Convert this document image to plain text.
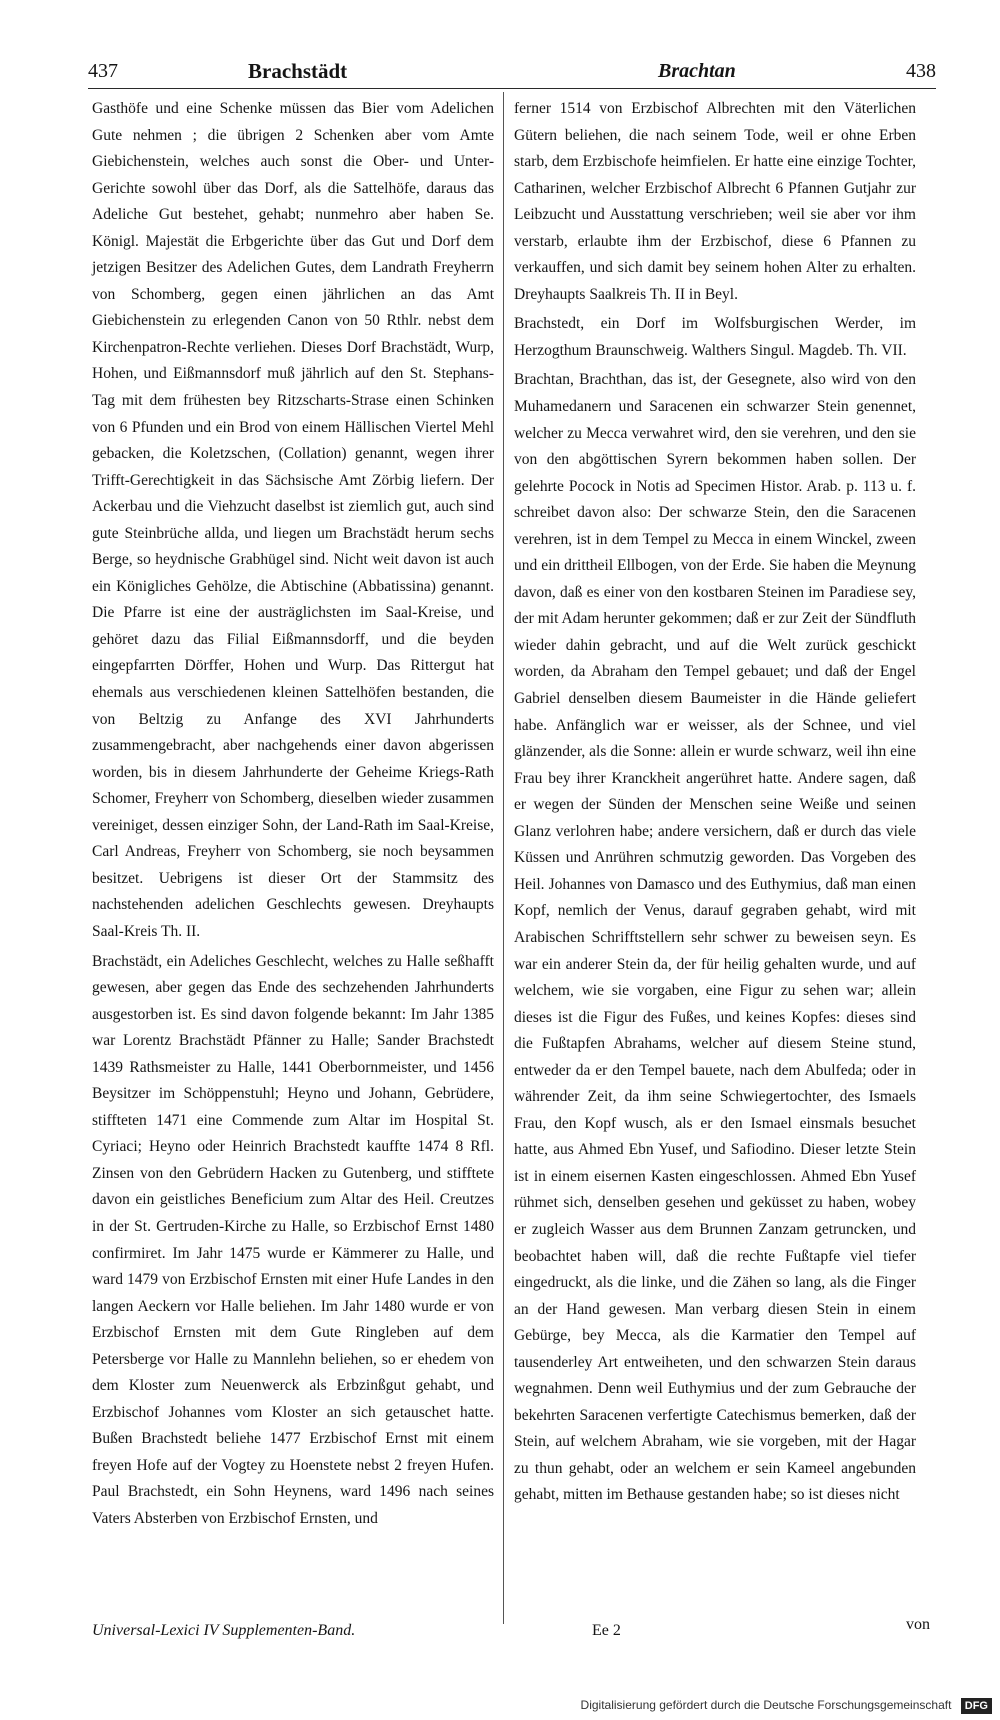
437	Brachstädt	Brachtan	438

Gasthöfe und eine Schenke müssen das Bier vom Adelichen Gute nehmen ; die übrigen 2 Schenken aber vom Amte Giebichenstein, welches auch sonst die Ober- und Unter-Gerichte sowohl über das Dorf, als die Sattelhöfe, daraus das Adeliche Gut bestehet, gehabt; nunmehro aber haben Se. Königl. Majestät die Erbgerichte über das Gut und Dorf dem jetzigen Besitzer des Adelichen Gutes, dem Landrath Freyherrn von Schomberg, gegen einen jährlichen an das Amt Giebichenstein zu erlegenden Canon von 50 Rthlr. nebst dem Kirchenpatron-Rechte verliehen. Dieses Dorf Brachstädt, Wurp, Hohen, und Eißmannsdorf muß jährlich auf den St. Stephans-Tag mit dem frühesten bey Ritzscharts-Strase einen Schinken von 6 Pfunden und ein Brod von einem Hällischen Viertel Mehl gebacken, die Koletzschen, (Collation) genannt, wegen ihrer Trifft-Gerechtigkeit in das Sächsische Amt Zörbig liefern. Der Ackerbau und die Viehzucht daselbst ist ziemlich gut, auch sind gute Steinbrüche allda, und liegen um Brachstädt herum sechs Berge, so heydnische Grabhügel sind. Nicht weit davon ist auch ein Königliches Gehölze, die Abtischine (Abbatissina) genannt. Die Pfarre ist eine der austräglichsten im Saal-Kreise, und gehöret dazu das Filial Eißmannsdorff, und die beyden eingepfarrten Dörffer, Hohen und Wurp. Das Rittergut hat ehemals aus verschiedenen kleinen Sattelhöfen bestanden, die von Beltzig zu Anfange des XVI Jahrhunderts zusammengebracht, aber nachgehends einer davon abgerissen worden, bis in diesem Jahrhunderte der Geheime Kriegs-Rath Schomer, Freyherr von Schomberg, dieselben wieder zusammen vereiniget, dessen einziger Sohn, der Land-Rath im Saal-Kreise, Carl Andreas, Freyherr von Schomberg, sie noch beysammen besitzet. Uebrigens ist dieser Ort der Stammsitz des nachstehenden adelichen Geschlechts gewesen. Dreyhaupts Saal-Kreis Th. II.

Brachstädt, ein Adeliches Geschlecht, welches zu Halle seßhafft gewesen, aber gegen das Ende des sechzehenden Jahrhunderts ausgestorben ist. Es sind davon folgende bekannt: Im Jahr 1385 war Lorentz Brachstädt Pfänner zu Halle; Sander Brachstedt 1439 Rathsmeister zu Halle, 1441 Oberbornmeister, und 1456 Beysitzer im Schöppenstuhl; Heyno und Johann, Gebrüdere, stiffteten 1471 eine Commende zum Altar im Hospital St. Cyriaci; Heyno oder Heinrich Brachstedt kauffte 1474 8 Rfl. Zinsen von den Gebrüdern Hacken zu Gutenberg, und stifftete davon ein geistliches Beneficium zum Altar des Heil. Creutzes in der St. Gertruden-Kirche zu Halle, so Erzbischof Ernst 1480 confirmiret. Im Jahr 1475 wurde er Kämmerer zu Halle, und ward 1479 von Erzbischof Ernsten mit einer Hufe Landes in den langen Aeckern vor Halle beliehen. Im Jahr 1480 wurde er von Erzbischof Ernsten mit dem Gute Ringleben auf dem Petersberge vor Halle zu Mannlehn beliehen, so er ehedem von dem Kloster zum Neuenwerck als Erbzinßgut gehabt, und Erzbischof Johannes vom Kloster an sich getauschet hatte. Bußen Brachstedt beliehe 1477 Erzbischof Ernst mit einem freyen Hofe auf der Vogtey zu Hoenstete nebst 2 freyen Hufen. Paul Brachstedt, ein Sohn Heynens, ward 1496 nach seines Vaters Absterben von Erzbischof Ernsten, und

ferner 1514 von Erzbischof Albrechten mit den Väterlichen Gütern beliehen, die nach seinem Tode, weil er ohne Erben starb, dem Erzbischofe heimfielen. Er hatte eine einzige Tochter, Catharinen, welcher Erzbischof Albrecht 6 Pfannen Gutjahr zur Leibzucht und Ausstattung verschrieben; weil sie aber vor ihm verstarb, erlaubte ihm der Erzbischof, diese 6 Pfannen zu verkauffen, und sich damit bey seinem hohen Alter zu erhalten. Dreyhaupts Saalkreis Th. II in Beyl.

Brachstedt, ein Dorf im Wolfsburgischen Werder, im Herzogthum Braunschweig. Walthers Singul. Magdeb. Th. VII.

Brachtan, Brachthan, das ist, der Gesegnete, also wird von den Muhamedanern und Saracenen ein schwarzer Stein genennet, welcher zu Mecca verwahret wird, den sie verehren, und den sie von den abgöttischen Syrern bekommen haben sollen. Der gelehrte Pocock in Notis ad Specimen Histor. Arab. p. 113 u. f. schreibet davon also: Der schwarze Stein, den die Saracenen verehren, ist in dem Tempel zu Mecca in einem Winckel, zween und ein drittheil Ellbogen, von der Erde. Sie haben die Meynung davon, daß es einer von den kostbaren Steinen im Paradiese sey, der mit Adam herunter gekommen; daß er zur Zeit der Sündfluth wieder dahin gebracht, und auf die Welt zurück geschickt worden, da Abraham den Tempel gebauet; und daß der Engel Gabriel denselben diesem Baumeister in die Hände geliefert habe. Anfänglich war er weisser, als der Schnee, und viel glänzender, als die Sonne: allein er wurde schwarz, weil ihn eine Frau bey ihrer Kranckheit angerühret hatte. Andere sagen, daß er wegen der Sünden der Menschen seine Weiße und seinen Glanz verlohren habe; andere versichern, daß er durch das viele Küssen und Anrühren schmutzig geworden. Das Vorgeben des Heil. Johannes von Damasco und des Euthymius, daß man einen Kopf, nemlich der Venus, darauf gegraben gehabt, wird mit Arabischen Schrifftstellern sehr schwer zu beweisen seyn. Es war ein anderer Stein da, der für heilig gehalten wurde, und auf welchem, wie sie vorgaben, eine Figur zu sehen war; allein dieses ist die Figur des Fußes, und keines Kopfes: dieses sind die Fußtapfen Abrahams, welcher auf diesem Steine stund, entweder da er den Tempel bauete, nach dem Abulfeda; oder in währender Zeit, da ihm seine Schwiegertochter, des Ismaels Frau, den Kopf wusch, als er den Ismael einsmals besuchet hatte, aus Ahmed Ebn Yusef, und Safiodino. Dieser letzte Stein ist in einem eisernen Kasten eingeschlossen. Ahmed Ebn Yusef rühmet sich, denselben gesehen und geküsset zu haben, wobey er zugleich Wasser aus dem Brunnen Zanzam getruncken, und beobachtet haben will, daß die rechte Fußtapfe viel tiefer eingedruckt, als die linke, und die Zähen so lang, als die Finger an der Hand gewesen. Man verbarg diesen Stein in einem Gebürge, bey Mecca, als die Karmatier den Tempel auf tausenderley Art entweiheten, und den schwarzen Stein daraus wegnahmen. Denn weil Euthymius und der zum Gebrauche der bekehrten Saracenen verfertigte Catechismus bemerken, daß der Stein, auf welchem Abraham, wie sie vorgeben, mit der Hagar zu thun gehabt, oder an welchem er sein Kameel angebunden gehabt, mitten im Bethause gestanden habe; so ist dieses nicht

Universal-Lexici IV Supplementen-Band.	Ee 2	von
Digitalisierung gefördert durch die Deutsche Forschungsgemeinschaft DFG
